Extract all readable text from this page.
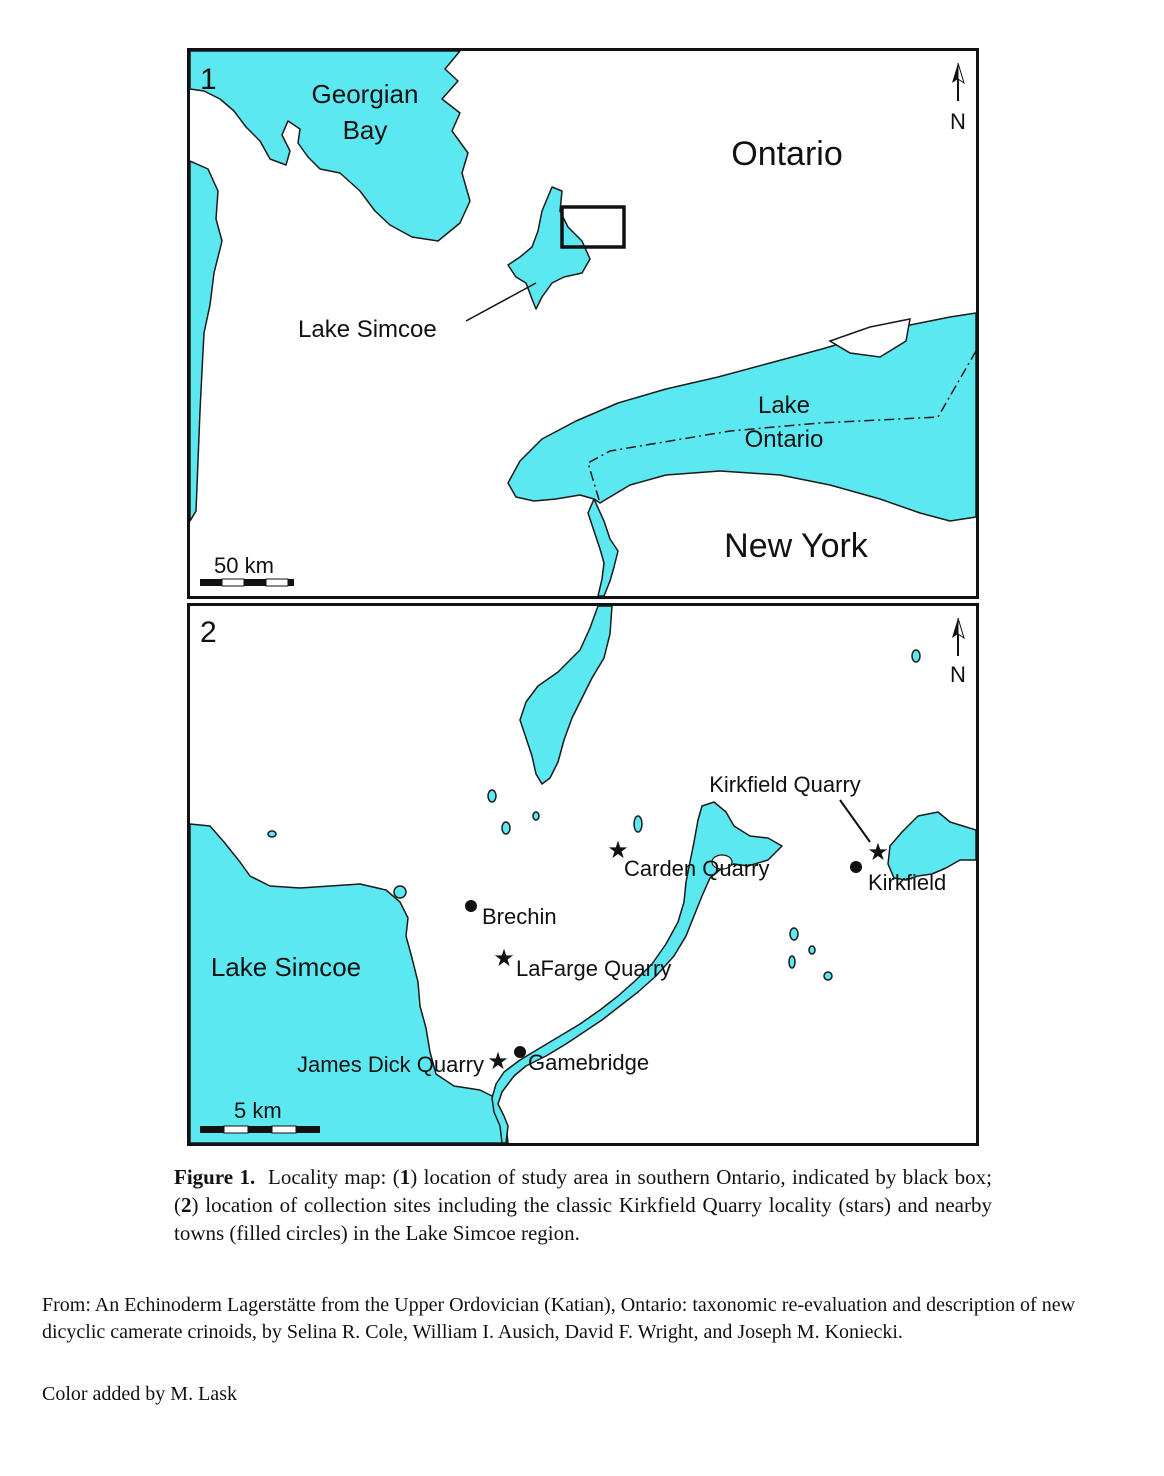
1	Georgian
Bay
Ontario
Lake Simcoe
Lake
Ontario
New York
N
50 km
★
★
★
★
2
Lake Simcoe
Brechin
LaFarge Quarry
James Dick Quarry Gamebridge
Carden Quarry
Kirkfield Quarry
Kirkfield
N
5 km
Figure 1. Locality map: (1) location of study area in southern Ontario, indicated by black box; (2) location of collection sites including the classic Kirkfield Quarry locality (stars) and nearby towns (filled circles) in the Lake Simcoe region.
From: An Echinoderm Lagerstätte from the Upper Ordovician (Katian), Ontario: taxonomic re-evaluation and description of new dicyclic camerate crinoids, by Selina R. Cole, William I. Ausich, David F. Wright, and Joseph M. Koniecki.
Color added by M. Lask
